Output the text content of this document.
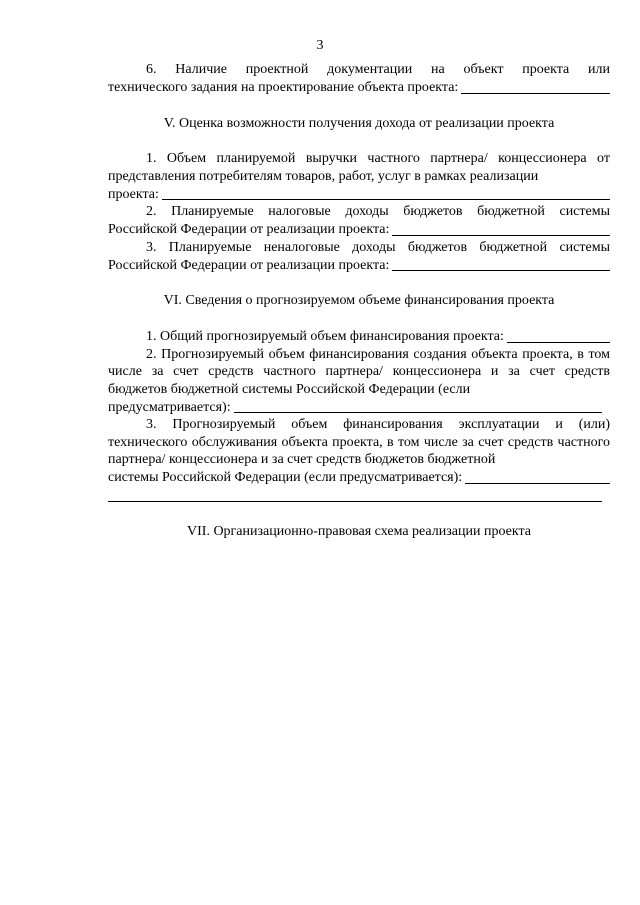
3
6. Наличие проектной документации на объект проекта или
технического задания на проектирование объекта проекта:

V. Оценка возможности получения дохода от реализации проекта

1. Объем планируемой выручки частного партнера/ концессионера от представления потребителям товаров, работ, услуг в рамках реализации

проекта:
2. Планируемые налоговые доходы бюджетов бюджетной системы
Российской Федерации от реализации проекта:
3. Планируемые неналоговые доходы бюджетов бюджетной системы
Российской Федерации от реализации проекта:

VI. Сведения о прогнозируемом объеме финансирования проекта

1. Общий прогнозируемый объем финансирования проекта:

2. Прогнозируемый объем финансирования создания объекта проекта, в том числе за счет средств частного партнера/ концессионера и за счет средств бюджетов бюджетной системы Российской Федерации (если

предусматривается):

3. Прогнозируемый объем финансирования эксплуатации и (или) технического обслуживания объекта проекта, в том числе за счет средств частного партнера/ концессионера и за счет средств бюджетов бюджетной

системы Российской Федерации (если предусматривается):

VII. Организационно-правовая схема реализации проекта
